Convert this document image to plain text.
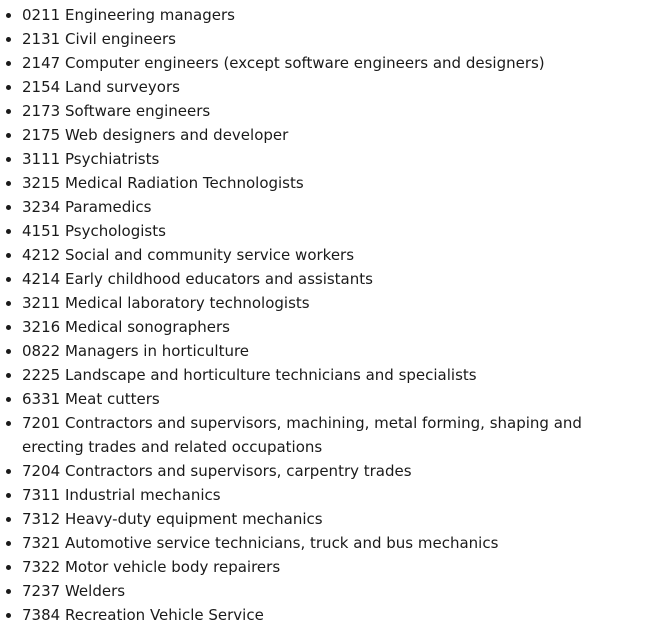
0211 Engineering managers
2131 Civil engineers
2147 Computer engineers (except software engineers and designers)
2154 Land surveyors
2173 Software engineers
2175 Web designers and developer
3111 Psychiatrists
3215 Medical Radiation Technologists
3234 Paramedics
4151 Psychologists
4212 Social and community service workers
4214 Early childhood educators and assistants
3211 Medical laboratory technologists
3216 Medical sonographers
0822 Managers in horticulture
2225 Landscape and horticulture technicians and specialists
6331 Meat cutters
7201 Contractors and supervisors, machining, metal forming, shaping and erecting trades and related occupations
7204 Contractors and supervisors, carpentry trades
7311 Industrial mechanics
7312 Heavy-duty equipment mechanics
7321 Automotive service technicians, truck and bus mechanics
7322 Motor vehicle body repairers
7237 Welders
7384 Recreation Vehicle Service
